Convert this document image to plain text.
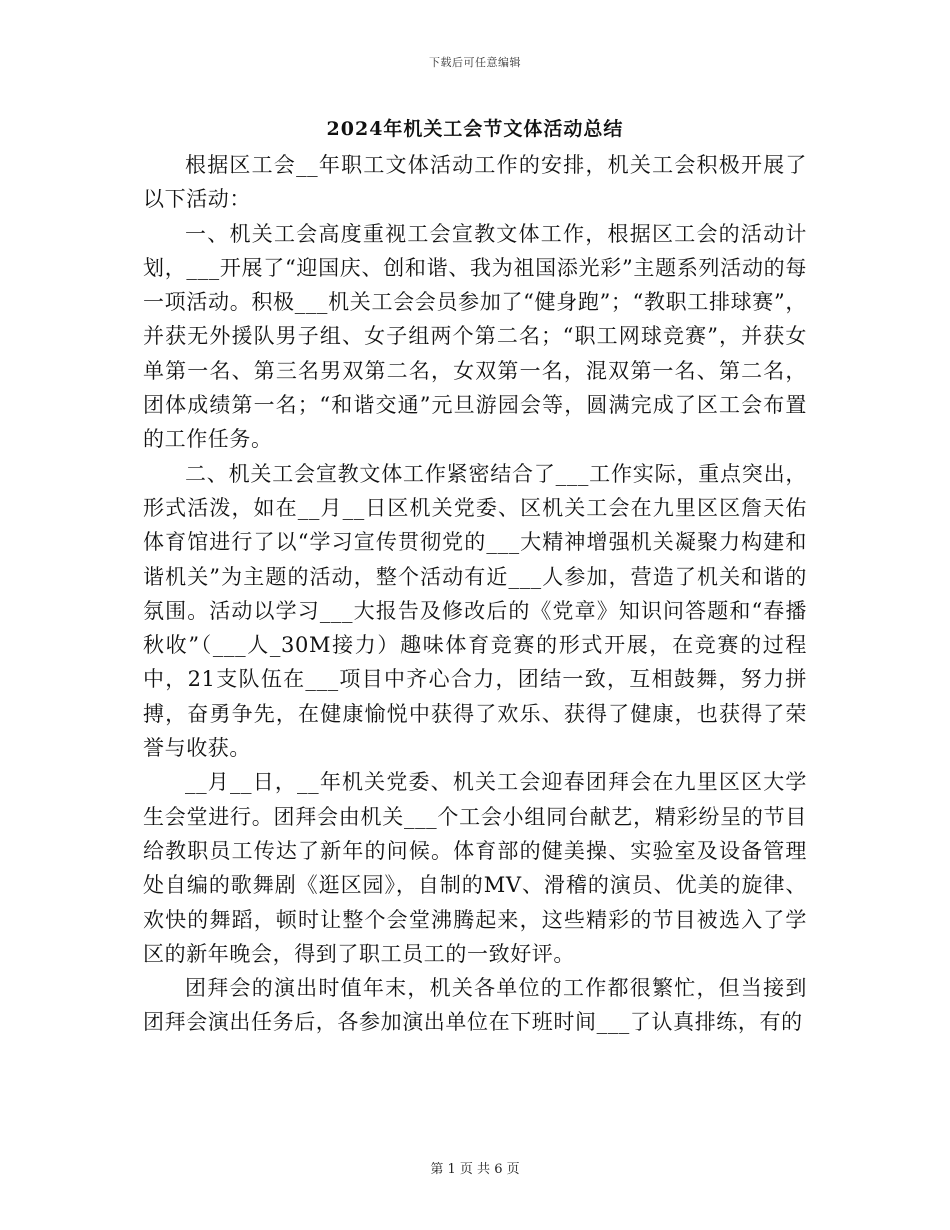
下载后可任意编辑
2024年机关工会节文体活动总结

根据区工会__年职工文体活动工作的安排，机关工会积极开展了以下活动：

一、机关工会高度重视工会宣教文体工作，根据区工会的活动计划，___开展了“迎国庆、创和谐、我为祖国添光彩”主题系列活动的每一项活动。积极___机关工会会员参加了“健身跑”；“教职工排球赛”，并获无外援队男子组、女子组两个第二名；“职工网球竞赛”，并获女单第一名、第三名男双第二名，女双第一名，混双第一名、第二名，团体成绩第一名；“和谐交通”元旦游园会等，圆满完成了区工会布置的工作任务。

二、机关工会宣教文体工作紧密结合了___工作实际，重点突出，形式活泼，如在__月__日区机关党委、区机关工会在九里区区詹天佑体育馆进行了以“学习宣传贯彻党的___大精神增强机关凝聚力构建和谐机关”为主题的活动，整个活动有近___人参加，营造了机关和谐的氛围。活动以学习___大报告及修改后的《党章》知识问答题和“春播秋收”（___人_30M接力）趣味体育竞赛的形式开展，在竞赛的过程中，21支队伍在___项目中齐心合力，团结一致，互相鼓舞，努力拼搏，奋勇争先，在健康愉悦中获得了欢乐、获得了健康，也获得了荣誉与收获。

__月__日，__年机关党委、机关工会迎春团拜会在九里区区大学生会堂进行。团拜会由机关___个工会小组同台献艺，精彩纷呈的节目给教职员工传达了新年的问候。体育部的健美操、实验室及设备管理处自编的歌舞剧《逛区园》，自制的MV、滑稽的演员、优美的旋律、欢快的舞蹈，顿时让整个会堂沸腾起来，这些精彩的节目被选入了学区的新年晚会，得到了职工员工的一致好评。

团拜会的演出时值年末，机关各单位的工作都很繁忙，但当接到团拜会演出任务后，各参加演出单位在下班时间___了认真排练，有的

第 1 页 共 6 页
